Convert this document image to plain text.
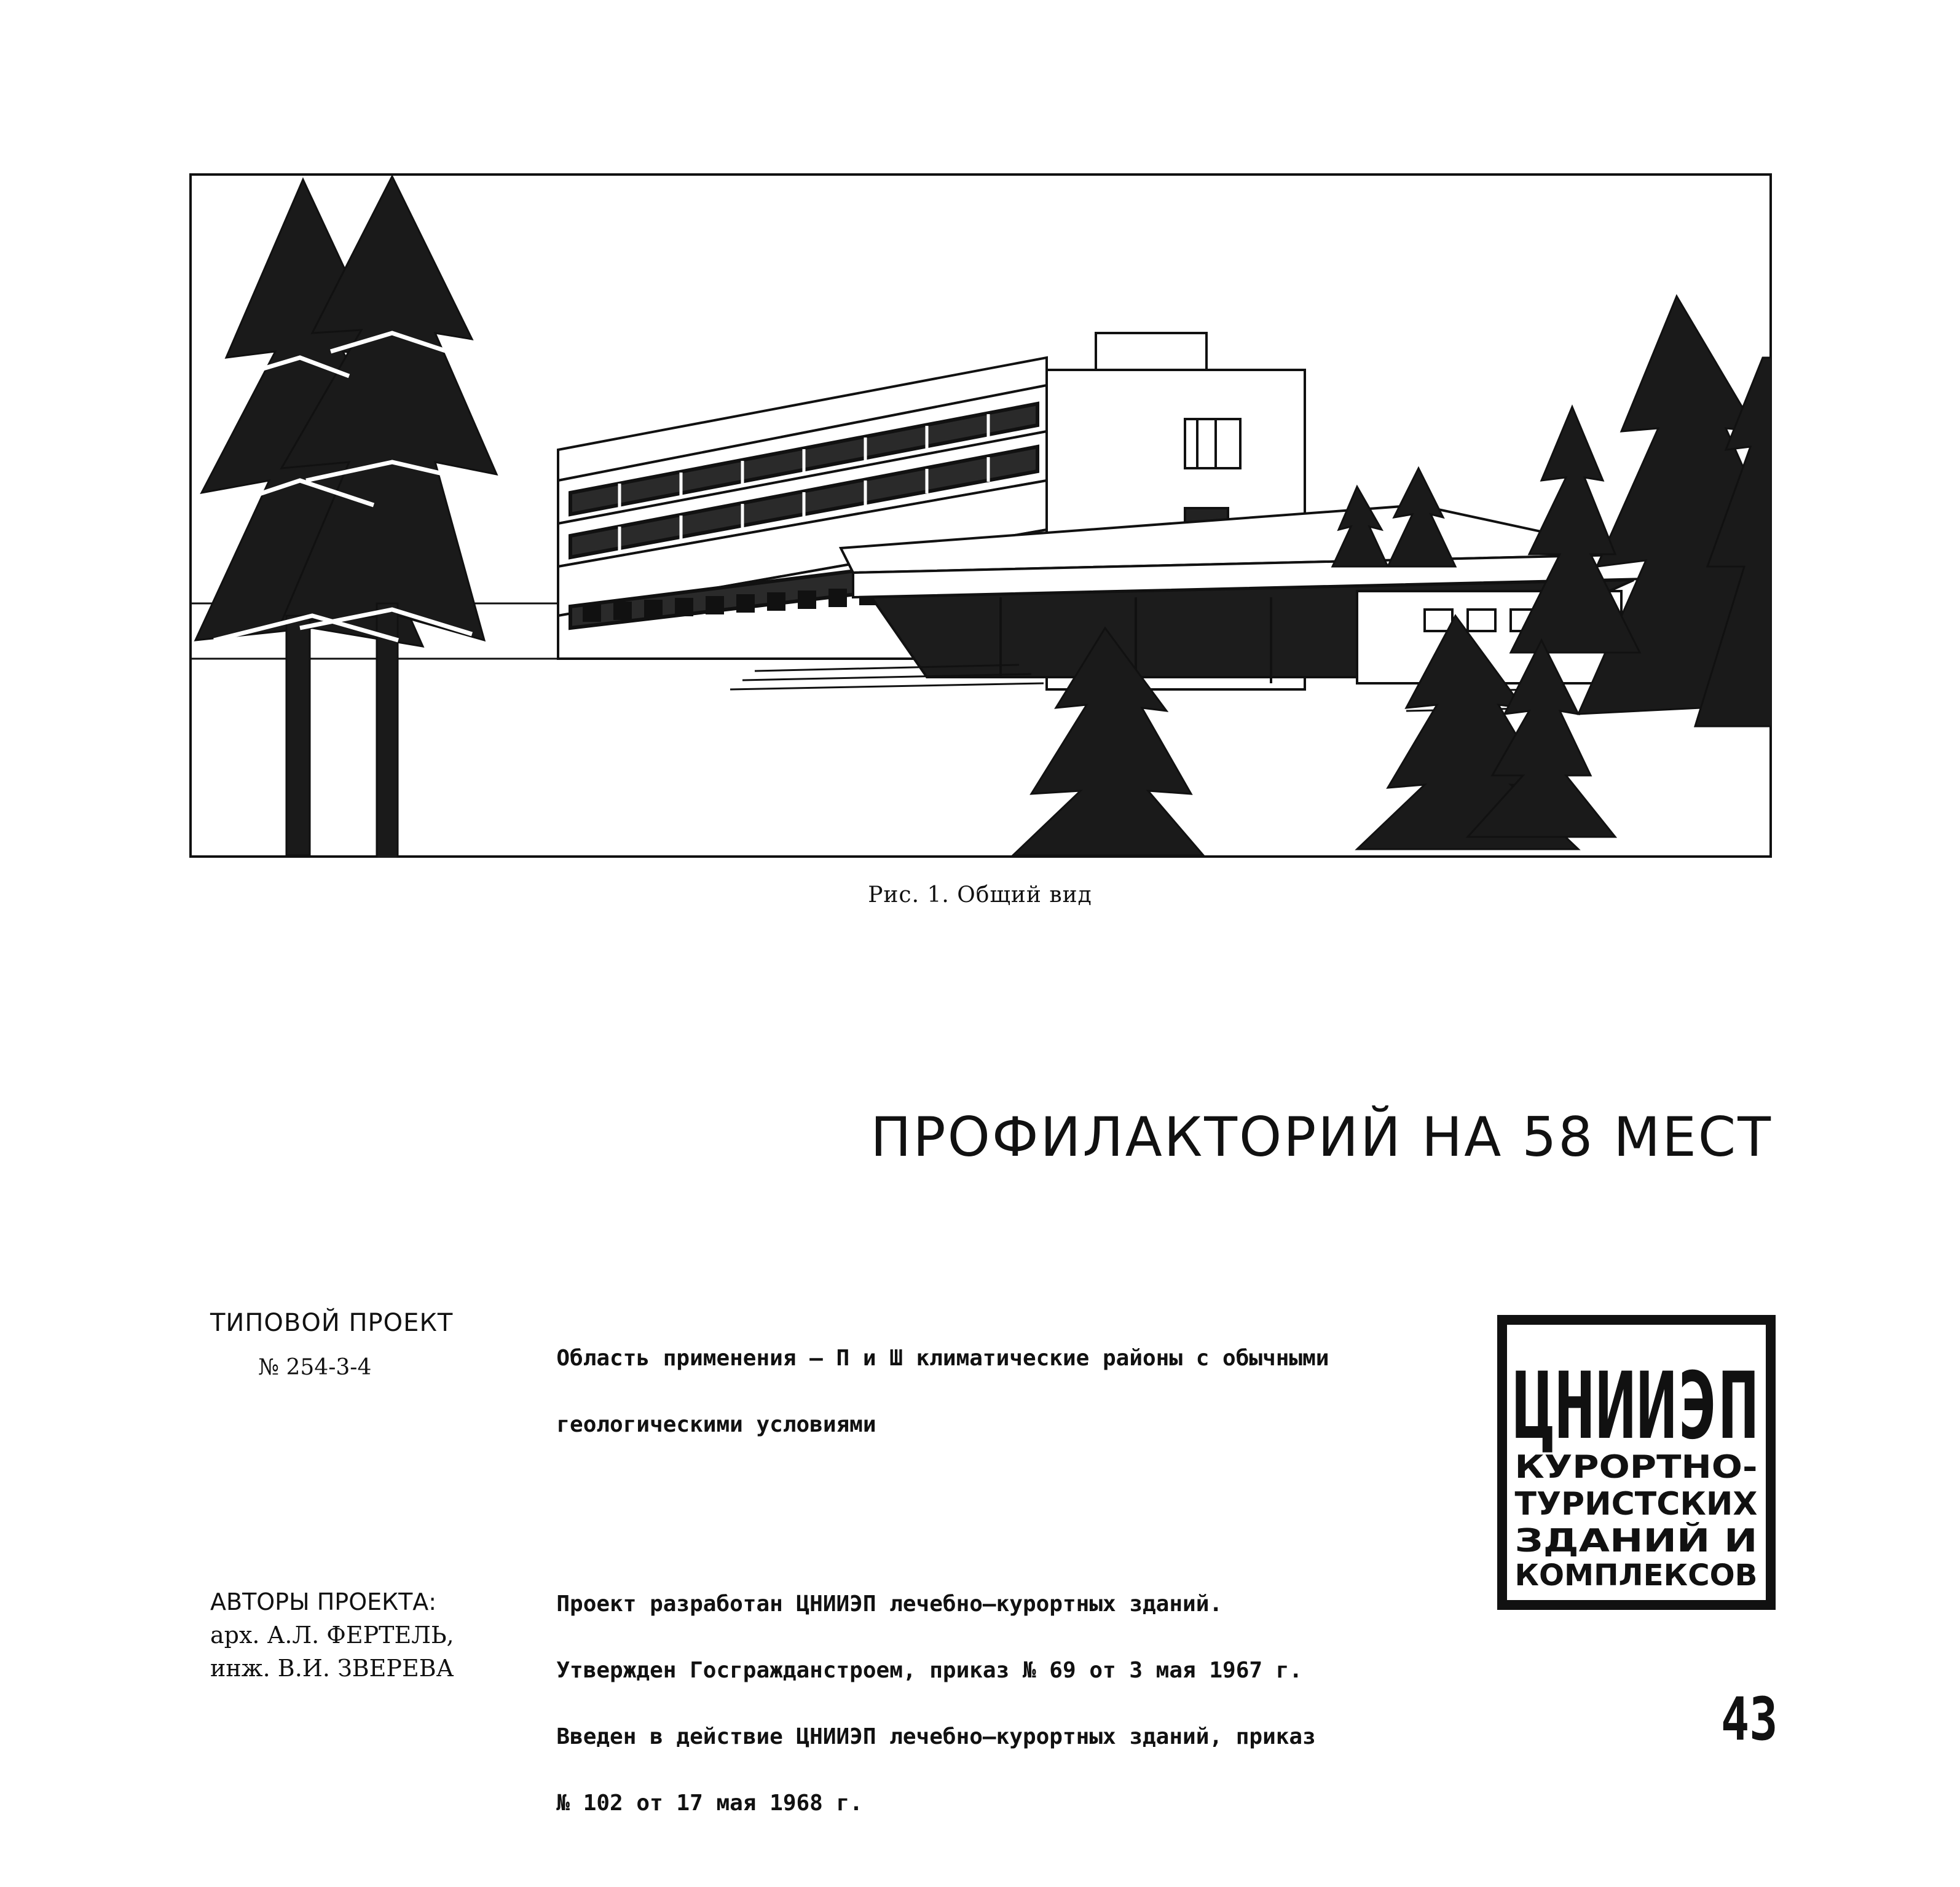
Рис. 1. Общий вид
ПРОФИЛАКТОРИЙ НА 58 МЕСТ
ТИПОВОЙ ПРОЕКТ
№ 254-3-4	Область применения – П и Ш климатические районы с обычными

геологическими условиями

АВТОРЫ ПРОЕКТА:
арх. А.Л. ФЕРТЕЛЬ,
инж. В.И. ЗВЕРЕВА

Проект разработан ЦНИИЭП лечебно–курортных зданий.

Утвержден Госгражданстроем, приказ № 69 от 3 мая 1967 г.

Введен в действие ЦНИИЭП лечебно–курортных зданий, приказ

№ 102 от 17 мая 1968 г.

ЦНИИЭП
КУРОРТНО-
ТУРИСТСКИХ
ЗДАНИЙ И
КОМПЛЕКСОВ
43
